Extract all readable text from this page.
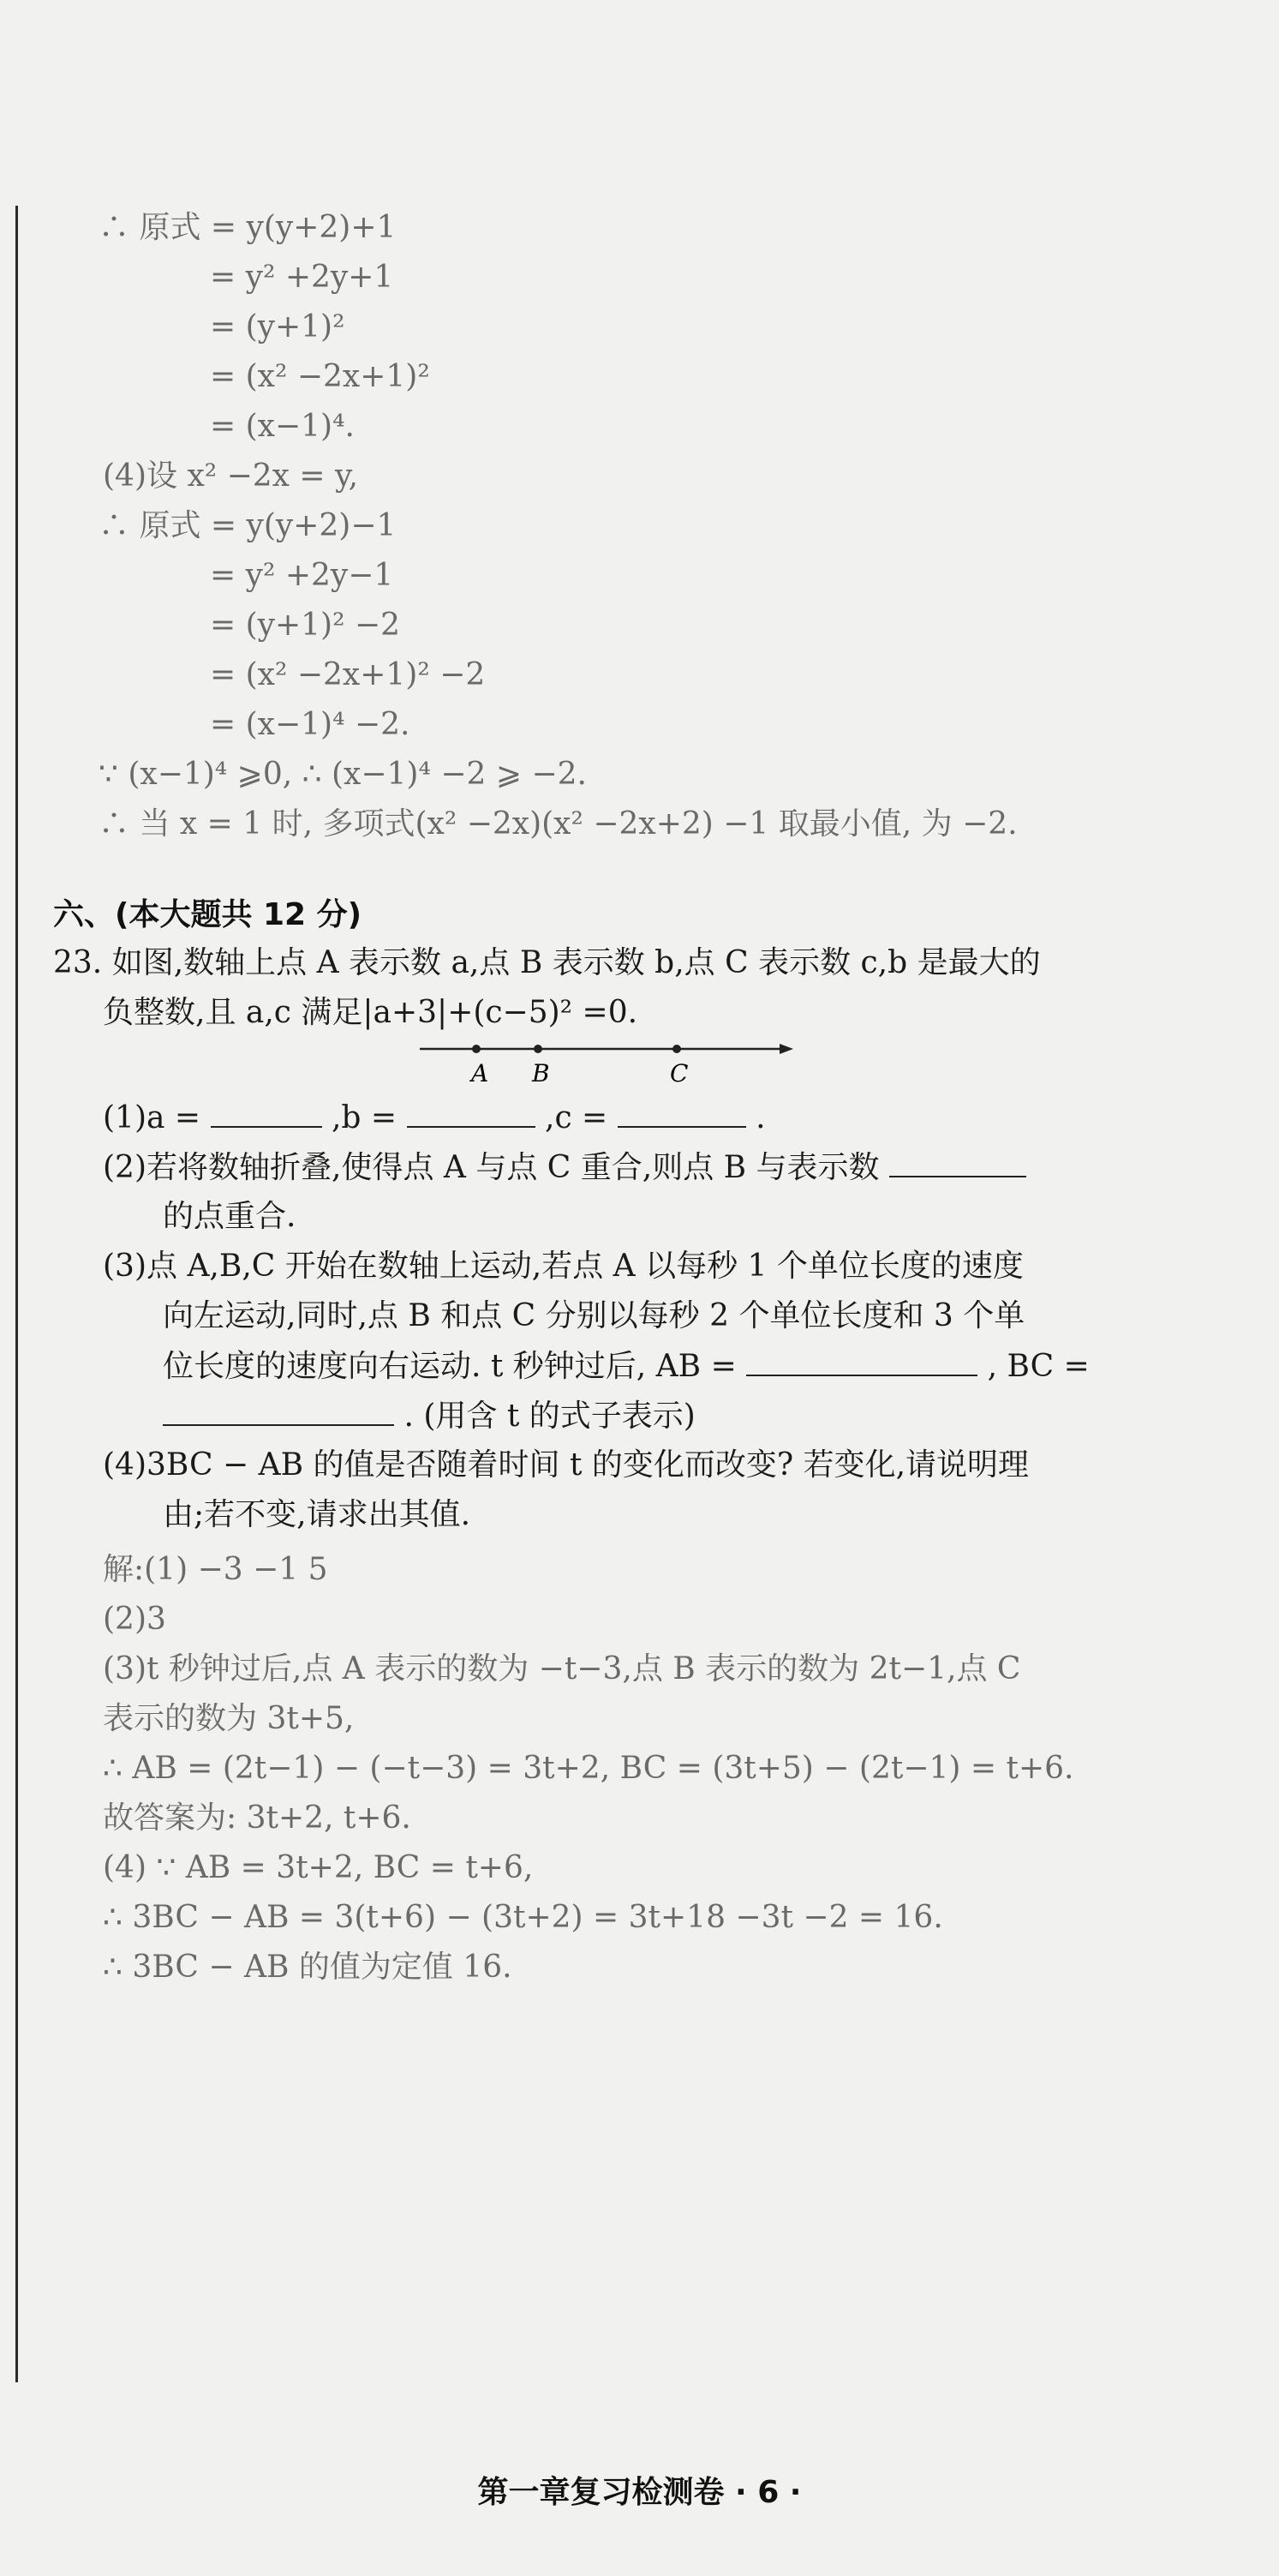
∴ 原式 = y(y+2)+1
= y² +2y+1
= (y+1)²
= (x² −2x+1)²
= (x−1)⁴.
(4)设 x² −2x = y,
∴ 原式 = y(y+2)−1
= y² +2y−1
= (y+1)² −2
= (x² −2x+1)² −2
= (x−1)⁴ −2.
∵ (x−1)⁴ ⩾0, ∴ (x−1)⁴ −2 ⩾ −2.
∴ 当 x = 1 时, 多项式(x² −2x)(x² −2x+2) −1 取最小值, 为 −2.
六、(本大题共 12 分)
23. 如图,数轴上点 A 表示数 a,点 B 表示数 b,点 C 表示数 c,b 是最大的
负整数,且 a,c 满足|a+3|+(c−5)² =0.
A B	C
(1)a =	,b =	,c =	.
(2)若将数轴折叠,使得点 A 与点 C 重合,则点 B 与表示数
的点重合.
(3)点 A,B,C 开始在数轴上运动,若点 A 以每秒 1 个单位长度的速度
向左运动,同时,点 B 和点 C 分别以每秒 2 个单位长度和 3 个单
位长度的速度向右运动. t 秒钟过后, AB =	, BC =
. (用含 t 的式子表示)
(4)3BC − AB 的值是否随着时间 t 的变化而改变? 若变化,请说明理
由;若不变,请求出其值.
解:(1) −3 −1 5
(2)3
(3)t 秒钟过后,点 A 表示的数为 −t−3,点 B 表示的数为 2t−1,点 C
表示的数为 3t+5,
∴ AB = (2t−1) − (−t−3) = 3t+2, BC = (3t+5) − (2t−1) = t+6.
故答案为: 3t+2, t+6.
(4) ∵ AB = 3t+2, BC = t+6,
∴ 3BC − AB = 3(t+6) − (3t+2) = 3t+18 −3t −2 = 16.
∴ 3BC − AB 的值为定值 16.
第一章复习检测卷 · 6 ·
